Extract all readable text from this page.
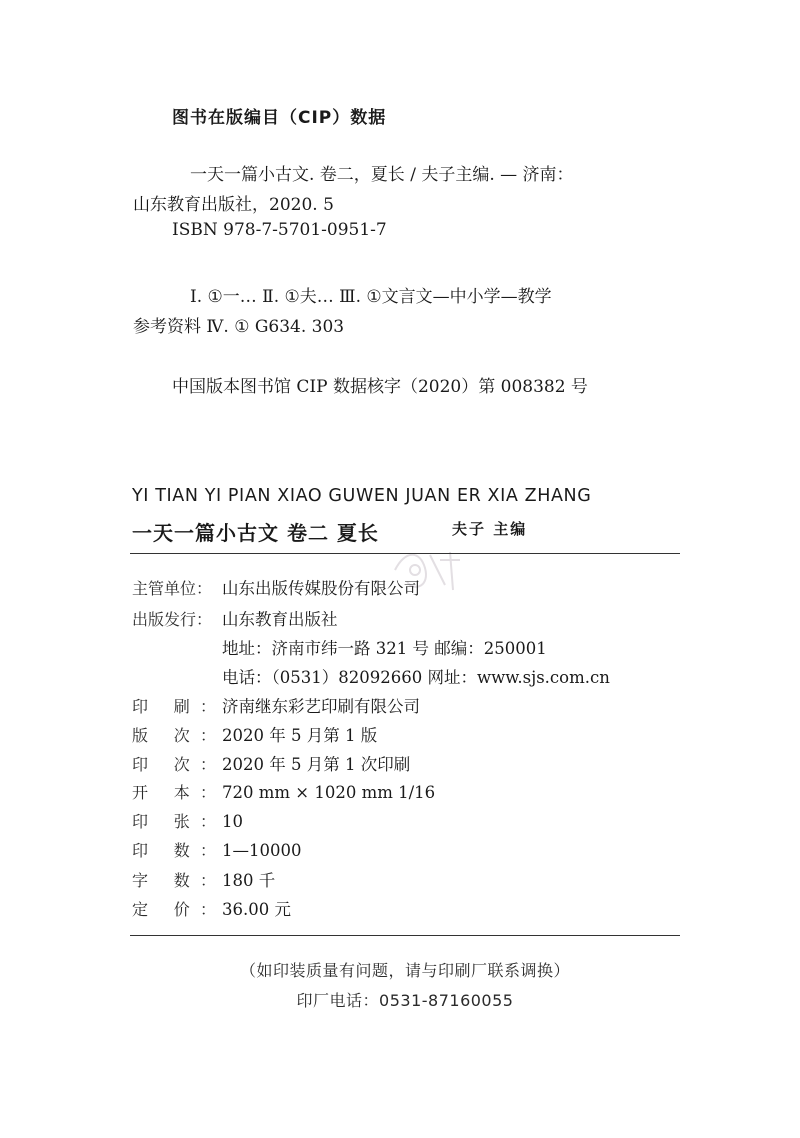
图书在版编目（CIP）数据
一天一篇小古文. 卷二，夏长 / 夫子主编. — 济南：
山东教育出版社，2020. 5
ISBN 978-7-5701-0951-7
Ⅰ. ①一… Ⅱ. ①夫… Ⅲ. ①文言文—中小学—教学
参考资料 Ⅳ. ① G634. 303
中国版本图书馆 CIP 数据核字（2020）第 008382 号
YI TIAN YI PIAN XIAO GUWEN JUAN ER XIA ZHANG
一天一篇小古文 卷二 夏长	夫子 主编
主管单位： 山东出版传媒股份有限公司
出版发行： 山东教育出版社
地址：济南市纬一路 321 号 邮编：250001
电话：（0531）82092660 网址：www.sjs.com.cn
印 刷： 济南继东彩艺印刷有限公司
版 次： 2020 年 5 月第 1 版
印 次： 2020 年 5 月第 1 次印刷
开 本： 720 mm × 1020 mm 1/16
印 张： 10
印 数： 1—10000
字 数： 180 千
定 价： 36.00 元
（如印装质量有问题，请与印刷厂联系调换）
印厂电话：0531-87160055
